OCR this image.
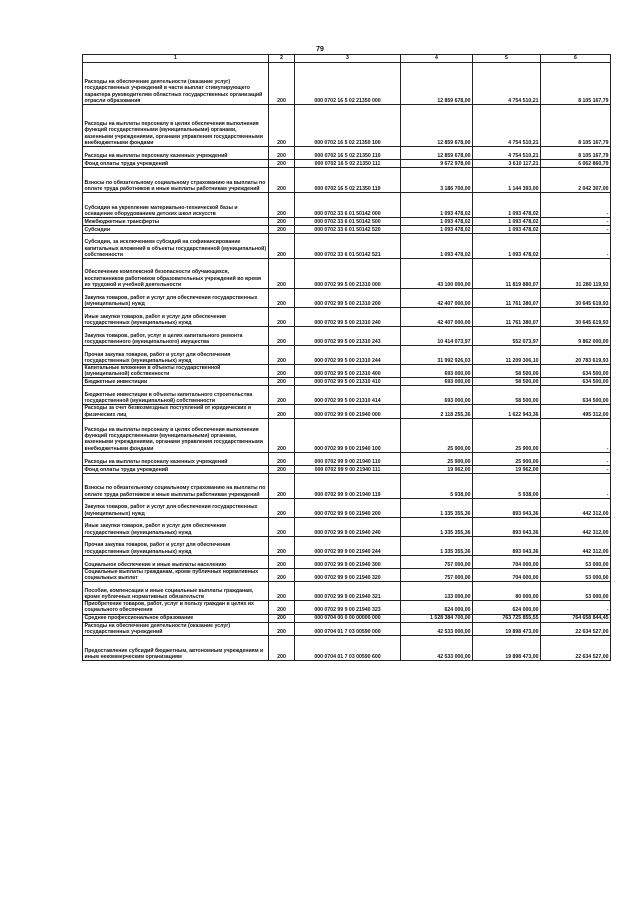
79
1	2	3	4	5	6
Расходы на обеспечение деятельности (оказание услуг) государственных учреждений в части выплат стимулирующего характера руководителям областных государственных организаций отрасли образования	200	000 0702 16 5 02 21350 000	12 859 678,00	4 754 510,21	8 105 167,79
Расходы на выплаты персоналу в целях обеспечения выполнения функций государственными (муниципальными) органами, казенными учреждениями, органами управления государственными внебюджетными фондами	200	000 0702 16 5 02 21350 100	12 859 678,00	4 754 510,21	8 105 167,79
Расходы на выплаты персоналу казенных учреждений	200	000 0702 16 5 02 21350 110	12 859 678,00	4 754 510,21	8 105 167,79
Фонд оплаты труда учреждений	200	000 0702 16 5 02 21350 111	9 672 978,00	3 610 117,21	6 062 860,79
Взносы по обязательному социальному страхованию на выплаты по оплате труда работников и иные выплаты работникам учреждений	200	000 0702 16 5 02 21350 119	3 186 700,00	1 144 393,00	2 042 307,00
Субсидии на укрепление материально-технической базы и оснащение оборудованием детских школ искусств	200	000 0702 33 6 01 50142 000	1 093 478,02	1 093 478,02	-
Межбюджетные трансферты	200	000 0702 33 6 01 50142 500	1 093 478,02	1 093 478,02	-
Субсидии	200	000 0702 33 6 01 50142 520	1 093 478,02	1 093 478,02	-
Субсидии, за исключением субсидий на софинансирование капитальных вложений в объекты государственной (муниципальной) собственности	200	000 0702 33 6 01 50142 521	1 093 478,02	1 093 478,02	-
Обеспечение комплексной безопасности обучающихся, воспитанников работников образовательных учреждений во время их трудовой и учебной деятельности	200	000 0702 99 5 00 21310 000	43 100 000,00	11 819 880,07	31 280 119,93
Закупка товаров, работ и услуг для обеспечения государственных (муниципальных) нужд	200	000 0702 99 5 00 21310 200	42 407 000,00	11 761 380,07	30 645 619,93
Иные закупки товаров, работ и услуг для обеспечения государственных (муниципальных) нужд	200	000 0702 99 5 00 21310 240	42 407 000,00	11 761 380,07	30 645 619,93
Закупка товаров, работ, услуг в целях капитального ремонта государственного (муниципального) имущества	200	000 0702 99 5 00 21310 243	10 414 073,97	552 073,97	9 862 000,00
Прочая закупка товаров, работ и услуг для обеспечения государственных (муниципальных) нужд	200	000 0702 99 5 00 21310 244	31 992 926,03	11 209 306,10	20 783 619,93
Капитальные вложения в объекты государственной (муниципальной) собственности	200	000 0702 99 5 00 21310 400	693 000,00	58 500,00	634 500,00
Бюджетные инвестиции	200	000 0702 99 5 00 21310 410	693 000,00	58 500,00	634 500,00
Бюджетные инвестиции в объекты капитального строительства государственной (муниципальной) собственности	200	000 0702 99 5 00 21310 414	693 000,00	58 500,00	634 500,00
Расходы за счет безвозмездных поступлений от юридических и физических лиц	200	000 0702 99 9 00 21940 000	2 118 255,36	1 622 943,36	495 312,00
Расходы на выплаты персоналу в целях обеспечения выполнения функций государственными (муниципальными) органами, казенными учреждениями, органами управления государственными внебюджетными фондами	200	000 0702 99 9 00 21940 100	25 900,00	25 900,00	-
Расходы на выплаты персоналу казенных учреждений	200	000 0702 99 9 00 21940 110	25 900,00	25 900,00	-
Фонд оплаты труда учреждений	200	000 0702 99 9 00 21940 111	19 962,00	19 962,00	-
Взносы по обязательному социальному страхованию на выплаты по оплате труда работников и иные выплаты работникам учреждений	200	000 0702 99 9 00 21940 119	5 938,00	5 938,00	-
Закупка товаров, работ и услуг для обеспечения государственных (муниципальных) нужд	200	000 0702 99 9 00 21940 200	1 335 355,36	893 043,36	442 312,00
Иные закупки товаров, работ и услуг для обеспечения государственных (муниципальных) нужд	200	000 0702 99 9 00 21940 240	1 335 355,36	893 043,36	442 312,00
Прочая закупка товаров, работ и услуг для обеспечения государственных (муниципальных) нужд	200	000 0702 99 9 00 21940 244	1 335 355,36	893 043,36	442 312,00
Социальное обеспечение и иные выплаты населению	200	000 0702 99 9 00 21940 300	757 000,00	704 000,00	53 000,00
Социальные выплаты гражданам, кроме публичных нормативных социальных выплат	200	000 0702 99 9 00 21940 320	757 000,00	704 000,00	53 000,00
Пособия, компенсации и иные социальные выплаты гражданам, кроме публичных нормативных обязательств	200	000 0702 99 9 00 21940 321	133 000,00	80 000,00	53 000,00
Приобретение товаров, работ, услуг в пользу граждан в целях их социального обеспечения	200	000 0702 99 9 00 21940 323	624 000,00	624 000,00	-
Среднее профессиональное образование	200	000 0704 00 0 00 00000 000	1 528 384 700,00	763 725 855,55	764 658 844,45
Расходы на обеспечение деятельности (оказание услуг) государственных учреждений	200	000 0704 01 7 03 00590 000	42 533 000,00	19 898 473,00	22 634 527,00
Предоставление субсидий бюджетным, автономным учреждениям и иным некоммерческим организациям	200	000 0704 01 7 03 00590 600	42 533 000,00	19 898 473,00	22 634 527,00
